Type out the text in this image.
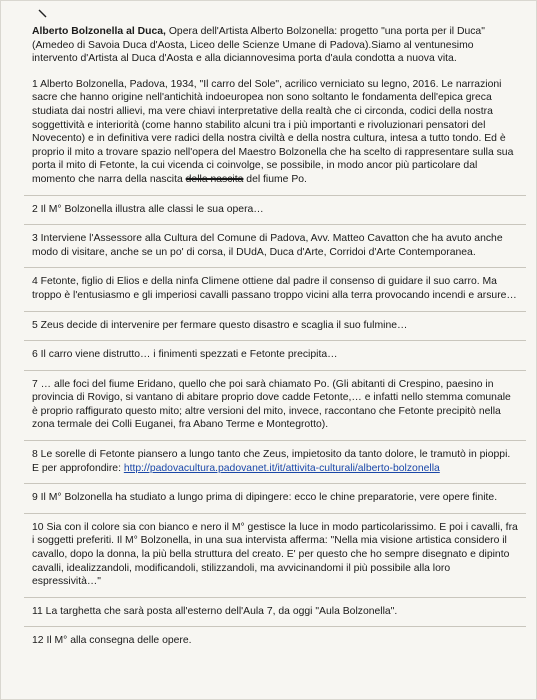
Alberto Bolzonella al Duca, Opera dell'Artista Alberto Bolzonella: progetto "una porta per il Duca" (Amedeo di Savoia Duca d'Aosta, Liceo delle Scienze Umane di Padova).Siamo al ventunesimo intervento d'Artista al Duca d'Aosta e alla diciannovesima porta d'aula condotta a nuova vita.

1 Alberto Bolzonella, Padova, 1934, "Il carro del Sole", acrilico verniciato su legno, 2016. Le narrazioni sacre che hanno origine nell'antichità indoeuropea non sono soltanto le fondamenta dell'epica greca studiata dai nostri allievi, ma vere chiavi interpretative della realtà che ci circonda, codici della nostra soggettività e interiorità (come hanno stabilito alcuni tra i più importanti e rivoluzionari pensatori del Novecento) e in definitiva vere radici della nostra civiltà e della nostra cultura, intesa a tutto tondo. Ed è proprio il mito a trovare spazio nell'opera del Maestro Bolzonella che ha scelto di rappresentare sulla sua porta il mito di Fetonte, la cui vicenda ci coinvolge, se possibile, in modo ancor più particolare dal momento che narra della nascita della nascita del fiume Po.
2 Il M° Bolzonella illustra alle classi le sua opera…
3 Interviene l'Assessore alla Cultura del Comune di Padova, Avv. Matteo Cavatton che ha avuto anche modo di visitare, anche se un po' di corsa, il DUdA, Duca d'Arte, Corridoi d'Arte Contemporanea.
4 Fetonte, figlio di Elios e della ninfa Climene ottiene dal padre il consenso di guidare il suo carro. Ma troppo è l'entusiasmo e gli imperiosi cavalli passano troppo vicini alla terra provocando incendi e arsure…
5 Zeus decide di intervenire per fermare questo disastro e scaglia il suo fulmine…
6 Il carro viene distrutto… i finimenti spezzati e Fetonte precipita…
7 … alle foci del fiume Eridano, quello che poi sarà chiamato Po. (Gli abitanti di Crespino, paesino in provincia di Rovigo, si vantano di abitare proprio dove cadde Fetonte,… e infatti nello stemma comunale è proprio raffigurato questo mito; altre versioni del mito, invece, raccontano che Fetonte precipitò nella zona termale dei Colli Euganei, fra Abano Terme e Montegrotto).
8 Le sorelle di Fetonte piansero a lungo tanto che Zeus, impietosito da tanto dolore, le tramutò in pioppi. E per approfondire: http://padovacultura.padovanet.it/it/attivita-culturali/alberto-bolzonella
9 Il M° Bolzonella ha studiato a lungo prima di dipingere: ecco le chine preparatorie, vere opere finite.
10 Sia con il colore sia con bianco e nero il M° gestisce la luce in modo particolarissimo. E poi i cavalli, fra i soggetti preferiti. Il M° Bolzonella, in una sua intervista afferma: "Nella mia visione artistica considero il cavallo, dopo la donna, la più bella struttura del creato. E' per questo che ho sempre disegnato e dipinto cavalli, idealizzandoli, modificandoli, stilizzandoli, ma avvicinandomi il più possibile alla loro espressività…"
11 La targhetta che sarà posta all'esterno dell'Aula 7, da oggi "Aula Bolzonella".
12 Il M° alla consegna delle opere.
